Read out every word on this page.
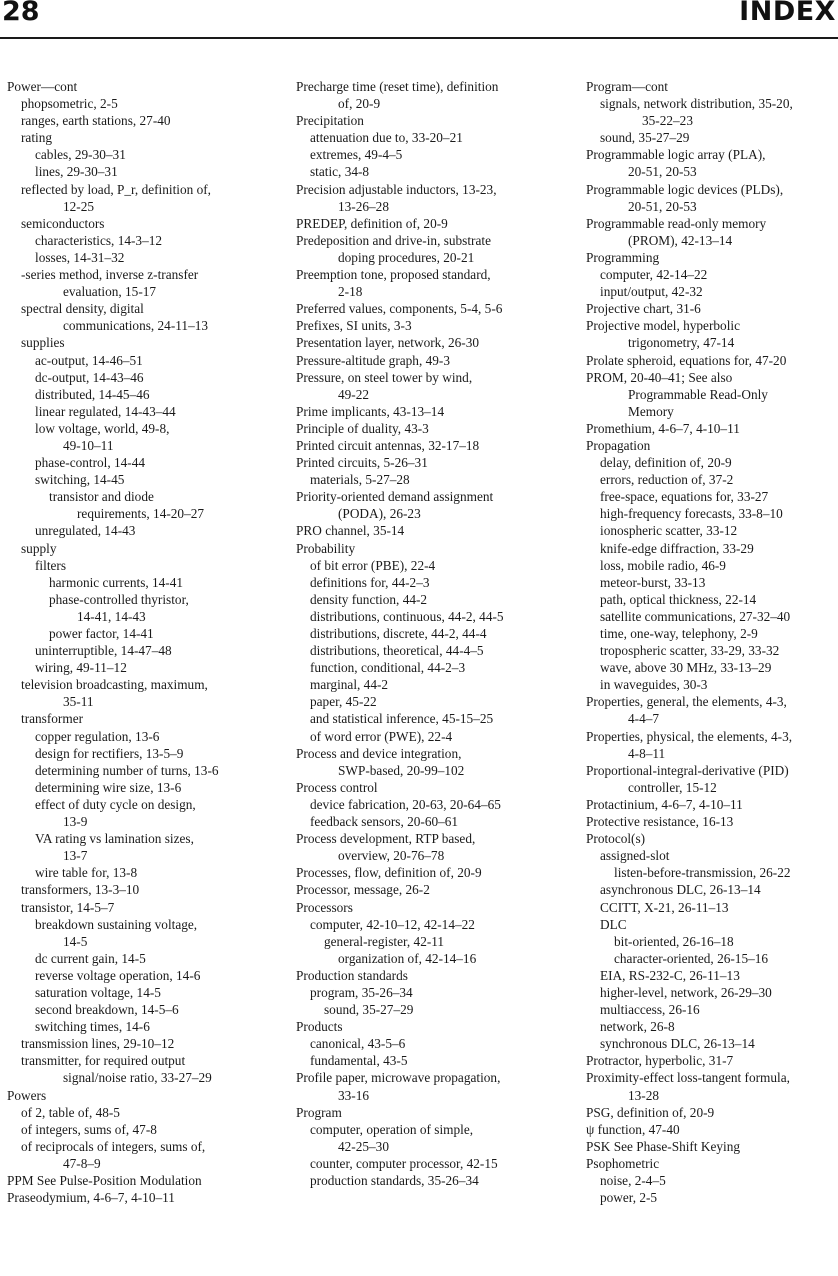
28	INDEX
Power—cont
phopsometric, 2-5
ranges, earth stations, 27-40
rating
cables, 29-30–31
lines, 29-30–31
reflected by load, P_r, definition of,
12-25
semiconductors
characteristics, 14-3–12
losses, 14-31–32
-series method, inverse z-transfer
evaluation, 15-17
spectral density, digital
communications, 24-11–13
supplies
ac-output, 14-46–51
dc-output, 14-43–46
distributed, 14-45–46
linear regulated, 14-43–44
low voltage, world, 49-8,
49-10–11
phase-control, 14-44
switching, 14-45
transistor and diode
requirements, 14-20–27
unregulated, 14-43
supply
filters
harmonic currents, 14-41
phase-controlled thyristor,
14-41, 14-43
power factor, 14-41
uninterruptible, 14-47–48
wiring, 49-11–12
television broadcasting, maximum,
35-11
transformer
copper regulation, 13-6
design for rectifiers, 13-5–9
determining number of turns, 13-6
determining wire size, 13-6
effect of duty cycle on design,
13-9
VA rating vs lamination sizes,
13-7
wire table for, 13-8
transformers, 13-3–10
transistor, 14-5–7
breakdown sustaining voltage,
14-5
dc current gain, 14-5
reverse voltage operation, 14-6
saturation voltage, 14-5
second breakdown, 14-5–6
switching times, 14-6
transmission lines, 29-10–12
transmitter, for required output
signal/noise ratio, 33-27–29
Powers
of 2, table of, 48-5
of integers, sums of, 47-8
of reciprocals of integers, sums of,
47-8–9
PPM See Pulse-Position Modulation
Praseodymium, 4-6–7, 4-10–11
Precharge time (reset time), definition
of, 20-9
Precipitation
attenuation due to, 33-20–21
extremes, 49-4–5
static, 34-8
Precision adjustable inductors, 13-23,
13-26–28
PREDEP, definition of, 20-9
Predeposition and drive-in, substrate
doping procedures, 20-21
Preemption tone, proposed standard,
2-18
Preferred values, components, 5-4, 5-6
Prefixes, SI units, 3-3
Presentation layer, network, 26-30
Pressure-altitude graph, 49-3
Pressure, on steel tower by wind,
49-22
Prime implicants, 43-13–14
Principle of duality, 43-3
Printed circuit antennas, 32-17–18
Printed circuits, 5-26–31
materials, 5-27–28
Priority-oriented demand assignment
(PODA), 26-23
PRO channel, 35-14
Probability
of bit error (PBE), 22-4
definitions for, 44-2–3
density function, 44-2
distributions, continuous, 44-2, 44-5
distributions, discrete, 44-2, 44-4
distributions, theoretical, 44-4–5
function, conditional, 44-2–3
marginal, 44-2
paper, 45-22
and statistical inference, 45-15–25
of word error (PWE), 22-4
Process and device integration,
SWP-based, 20-99–102
Process control
device fabrication, 20-63, 20-64–65
feedback sensors, 20-60–61
Process development, RTP based,
overview, 20-76–78
Processes, flow, definition of, 20-9
Processor, message, 26-2
Processors
computer, 42-10–12, 42-14–22
general-register, 42-11
organization of, 42-14–16
Production standards
program, 35-26–34
sound, 35-27–29
Products
canonical, 43-5–6
fundamental, 43-5
Profile paper, microwave propagation,
33-16
Program
computer, operation of simple,
42-25–30
counter, computer processor, 42-15
production standards, 35-26–34
Program—cont
signals, network distribution, 35-20,
35-22–23
sound, 35-27–29
Programmable logic array (PLA),
20-51, 20-53
Programmable logic devices (PLDs),
20-51, 20-53
Programmable read-only memory
(PROM), 42-13–14
Programming
computer, 42-14–22
input/output, 42-32
Projective chart, 31-6
Projective model, hyperbolic
trigonometry, 47-14
Prolate spheroid, equations for, 47-20
PROM, 20-40–41; See also
Programmable Read-Only
Memory
Promethium, 4-6–7, 4-10–11
Propagation
delay, definition of, 20-9
errors, reduction of, 37-2
free-space, equations for, 33-27
high-frequency forecasts, 33-8–10
ionospheric scatter, 33-12
knife-edge diffraction, 33-29
loss, mobile radio, 46-9
meteor-burst, 33-13
path, optical thickness, 22-14
satellite communications, 27-32–40
time, one-way, telephony, 2-9
tropospheric scatter, 33-29, 33-32
wave, above 30 MHz, 33-13–29
in waveguides, 30-3
Properties, general, the elements, 4-3,
4-4–7
Properties, physical, the elements, 4-3,
4-8–11
Proportional-integral-derivative (PID)
controller, 15-12
Protactinium, 4-6–7, 4-10–11
Protective resistance, 16-13
Protocol(s)
assigned-slot
listen-before-transmission, 26-22
asynchronous DLC, 26-13–14
CCITT, X-21, 26-11–13
DLC
bit-oriented, 26-16–18
character-oriented, 26-15–16
EIA, RS-232-C, 26-11–13
higher-level, network, 26-29–30
multiaccess, 26-16
network, 26-8
synchronous DLC, 26-13–14
Protractor, hyperbolic, 31-7
Proximity-effect loss-tangent formula,
13-28
PSG, definition of, 20-9
ψ function, 47-40
PSK See Phase-Shift Keying
Psophometric
noise, 2-4–5
power, 2-5
